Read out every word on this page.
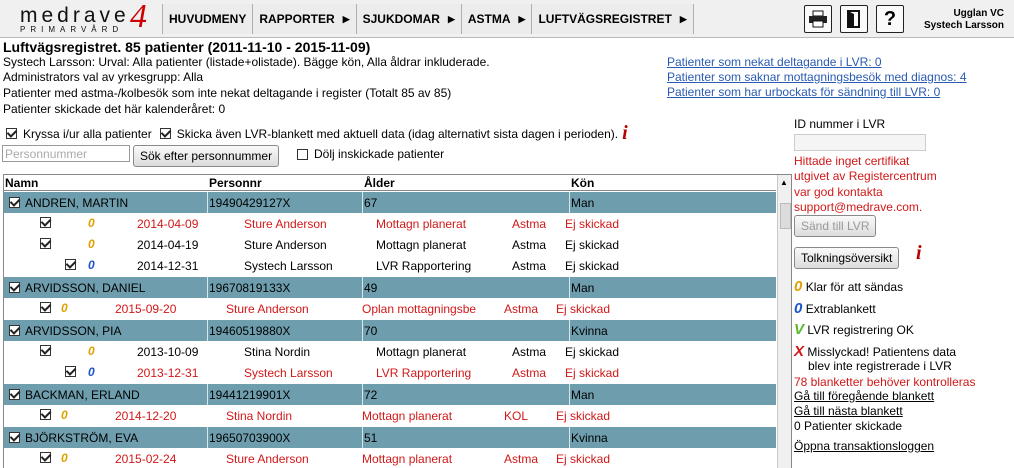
medrave
PRIMARVÅRD 4 HUVUDMENY RAPPORTER ▶ SJUKDOMAR ▶ ASTMA ▶ LUFTVÄGSREGISTRET ▶	?	Ugglan VC
Systech Larsson
Luftvägsregistret. 85 patienter (2011-11-10 - 2015-11-09)
Systech Larsson: Urval: Alla patienter (listade+olistade). Bägge kön, Alla åldrar inkluderade.
Administrators val av yrkesgrupp: Alla
Patienter med astma-/kolbesök som inte nekat deltagande i register (Totalt 85 av 85)
Patienter skickade det här kalenderåret: 0
Patienter som nekat deltagande i LVR: 0
Patienter som saknar mottagningsbesök med diagnos: 4
Patienter som har urbockats för sändning till LVR: 0
Kryssa i/ur alla patienter Skicka även LVR-blankett med aktuell data (idag alternativt sista dagen i perioden). i
Personnummer
Sök efter personnummer	Dölj inskickade patienter
Namn	Personnr	Ålder	Kön
ANDREN, MARTIN	19490429127X	67	Man
0	2014-04-09	Sture Anderson	Mottagn planerat	Astma Ej skickad
0	2014-04-19	Sture Anderson	Mottagn planerat	Astma Ej skickad
0	2014-12-31	Systech Larsson	LVR Rapportering	Astma Ej skickad
ARVIDSSON, DANIEL	19670819133X	49	Man
0	2015-09-20	Sture Anderson	Oplan mottagningsbe Astma Ej skickad
ARVIDSSON, PIA	19460519880X	70	Kvinna
0	2013-10-09	Stina Nordin	Mottagn planerat	Astma Ej skickad
0	2013-12-31	Systech Larsson	LVR Rapportering	Astma Ej skickad
BACKMAN, ERLAND	19441219901X	72	Man
0	2014-12-20	Stina Nordin	Mottagn planerat	KOL Ej skickad
BJÖRKSTRÖM, EVA	19650703900X	51	Kvinna
0	2015-02-24	Sture Anderson	Mottagn planerat	Astma Ej skickad
▲
ID nummer i LVR
Hittade inget certifikat
utgivet av Registercentrum
var god kontakta
support@medrave.com.
Sänd till LVR
Tolkningsöversikt	i
0 Klar för att sändas
0 Extrablankett
V LVR registrering OK
X Misslyckad! Patientens data
blev inte registrerade i LVR
78 blanketter behöver kontrolleras
Gå till föregående blankett
Gå till nästa blankett
0 Patienter skickade
Öppna transaktionsloggen
